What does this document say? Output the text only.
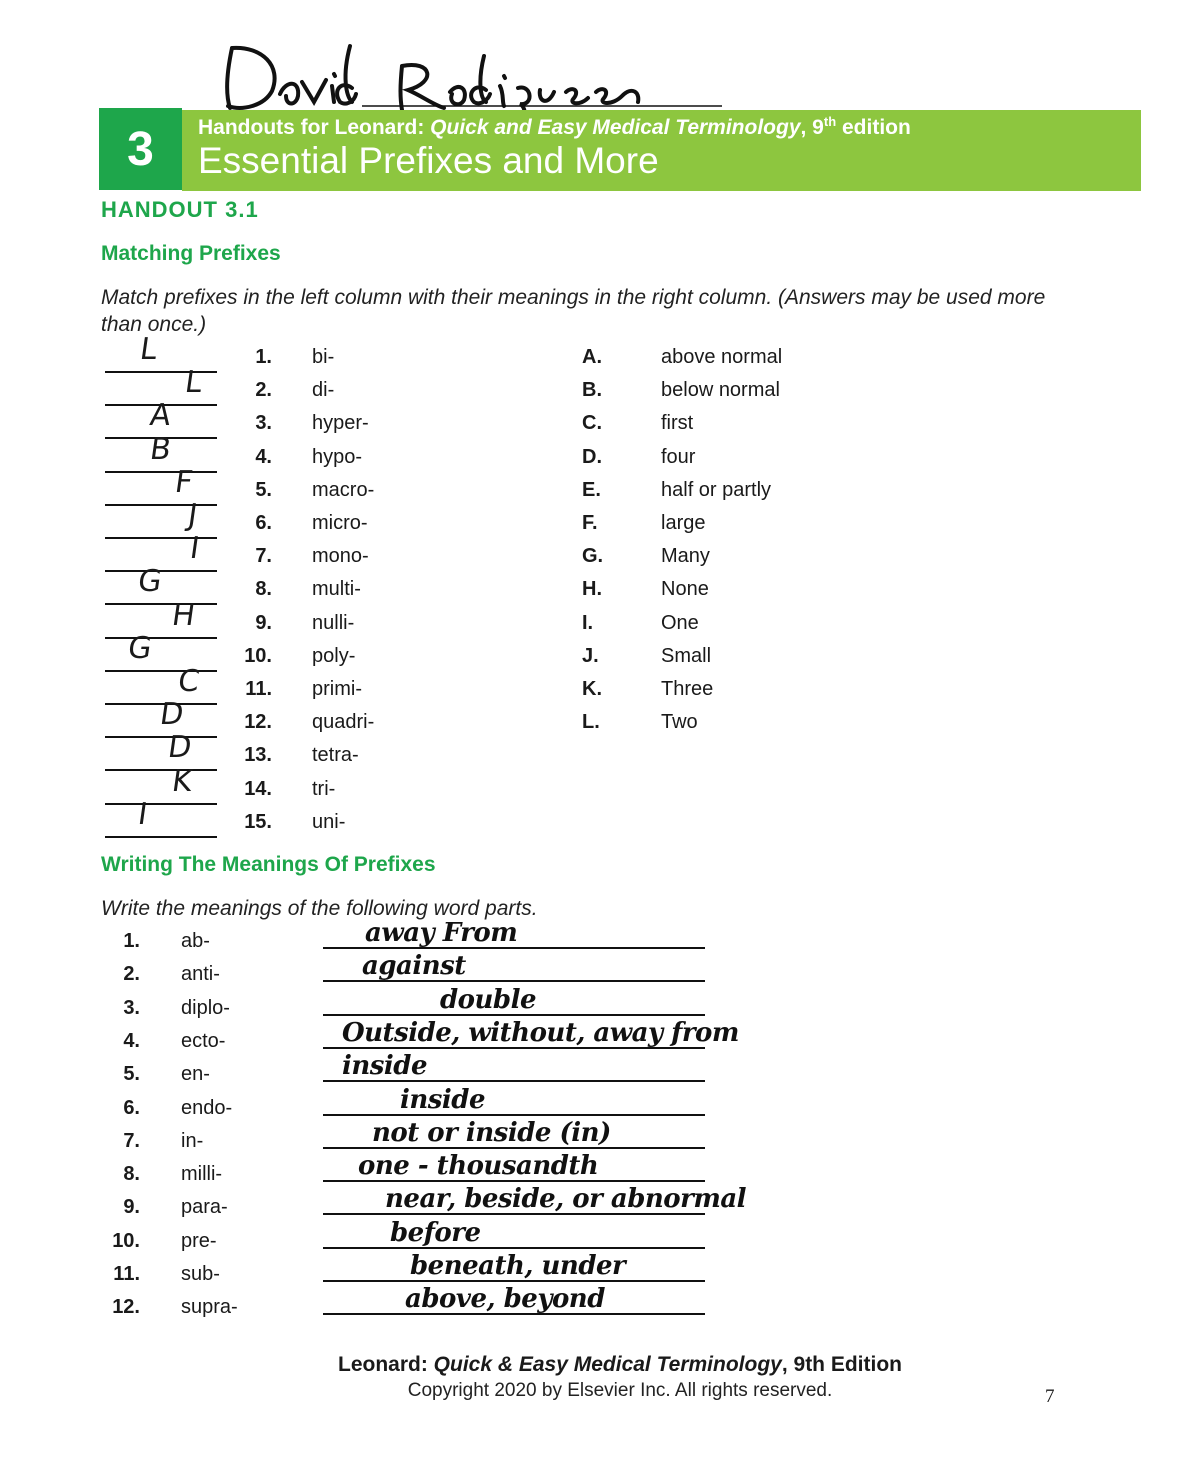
3	Handouts for Leonard: Quick and Easy Medical Terminology, 9th edition
Essential Prefixes and More
HANDOUT 3.1
Matching Prefixes
Match prefixes in the left column with their meanings in the right column. (Answers may be used more than once.)
L	1. bi-	A.	above normal
L	2. di-	B.	below normal
A	3. hyper-	C.	first
B	4. hypo-	D.	four
F	5. macro-	E.	half or partly
J	6. micro-	F.	large
I	7. mono-	G.	Many
G	8. multi-	H.	None
H	9. nulli-	I.	One
G	10. poly-	J.	Small
C	11. primi-	K.	Three
D	12. quadri-	L.	Two
D	13. tetra-
K	14. tri-
I	15. uni-
Writing The Meanings Of Prefixes
Write the meanings of the following word parts.
1. ab-	away From
2. anti-	against
3. diplo-	double
4. ecto-	Outside, without, away from
5. en-	inside
6. endo-	inside
7. in-	not or inside (in)
8. milli-	one - thousandth
9. para-	near, beside, or abnormal
10. pre-	before
11. sub-	beneath, under
12. supra-	above, beyond
Leonard: Quick & Easy Medical Terminology, 9th Edition
Copyright 2020 by Elsevier Inc. All rights reserved.	7
